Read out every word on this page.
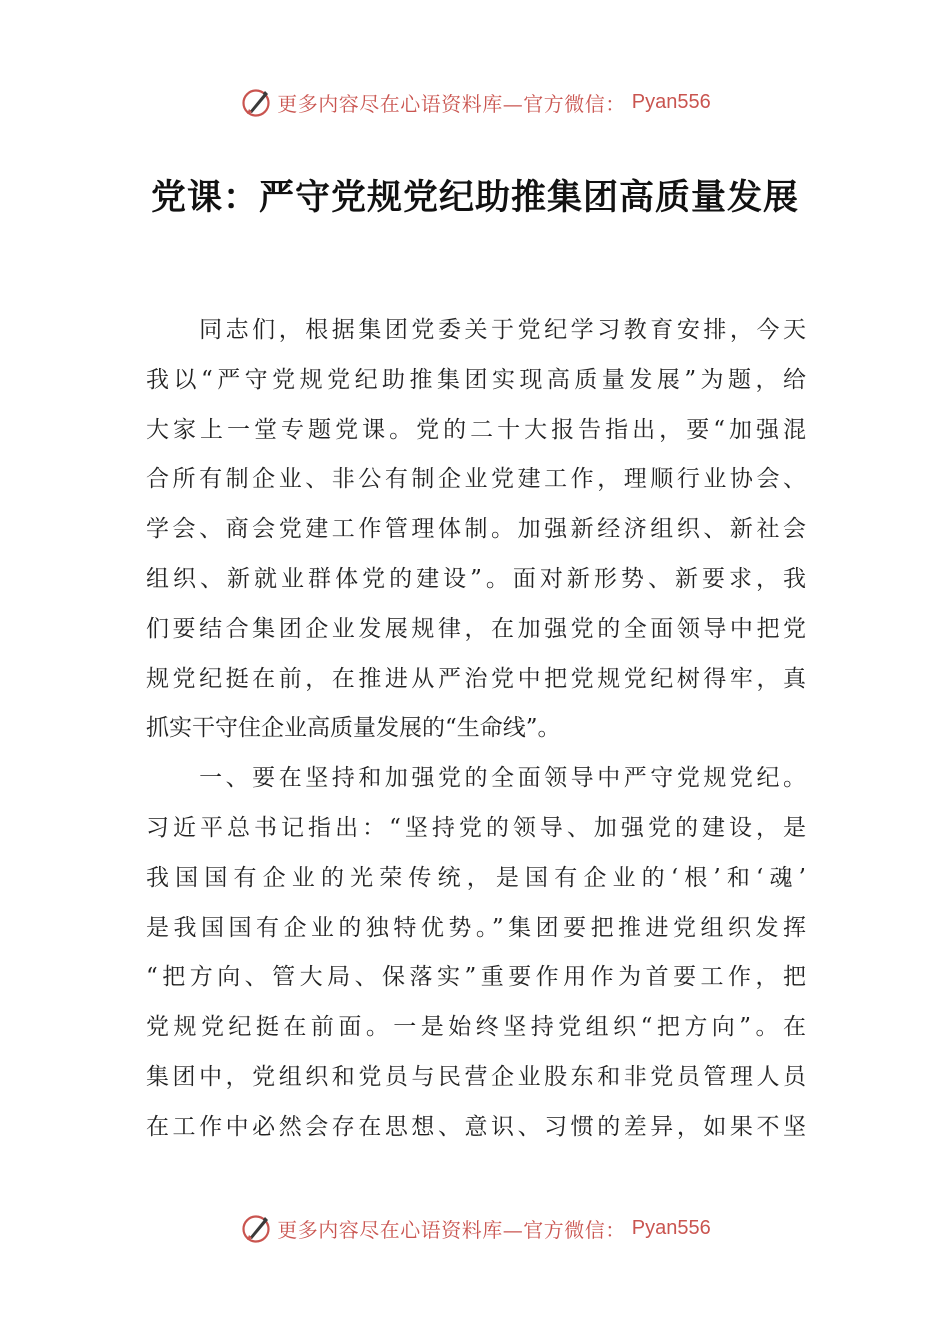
更多内容尽在心语资料库—官方微信： Pyan556
党课：严守党规党纪助推集团高质量发展
　　同志们，根据集团党委关于党纪学习教育安排，今天
我以“严守党规党纪助推集团实现高质量发展”为题，给
大家上一堂专题党课。党的二十大报告指出，要“加强混
合所有制企业、非公有制企业党建工作，理顺行业协会、
学会、商会党建工作管理体制。加强新经济组织、新社会
组织、新就业群体党的建设”。面对新形势、新要求，我
们要结合集团企业发展规律，在加强党的全面领导中把党
规党纪挺在前，在推进从严治党中把党规党纪树得牢，真
抓实干守住企业高质量发展的“生命线”。
　　一、要在坚持和加强党的全面领导中严守党规党纪。
习近平总书记指出：“坚持党的领导、加强党的建设，是
我国国有企业的光荣传统，是国有企业的‘根’和‘魂’
是我国国有企业的独特优势。”集团要把推进党组织发挥
“把方向、管大局、保落实”重要作用作为首要工作，把
党规党纪挺在前面。一是始终坚持党组织“把方向”。在
集团中，党组织和党员与民营企业股东和非党员管理人员
在工作中必然会存在思想、意识、习惯的差异，如果不坚
更多内容尽在心语资料库—官方微信： Pyan556
